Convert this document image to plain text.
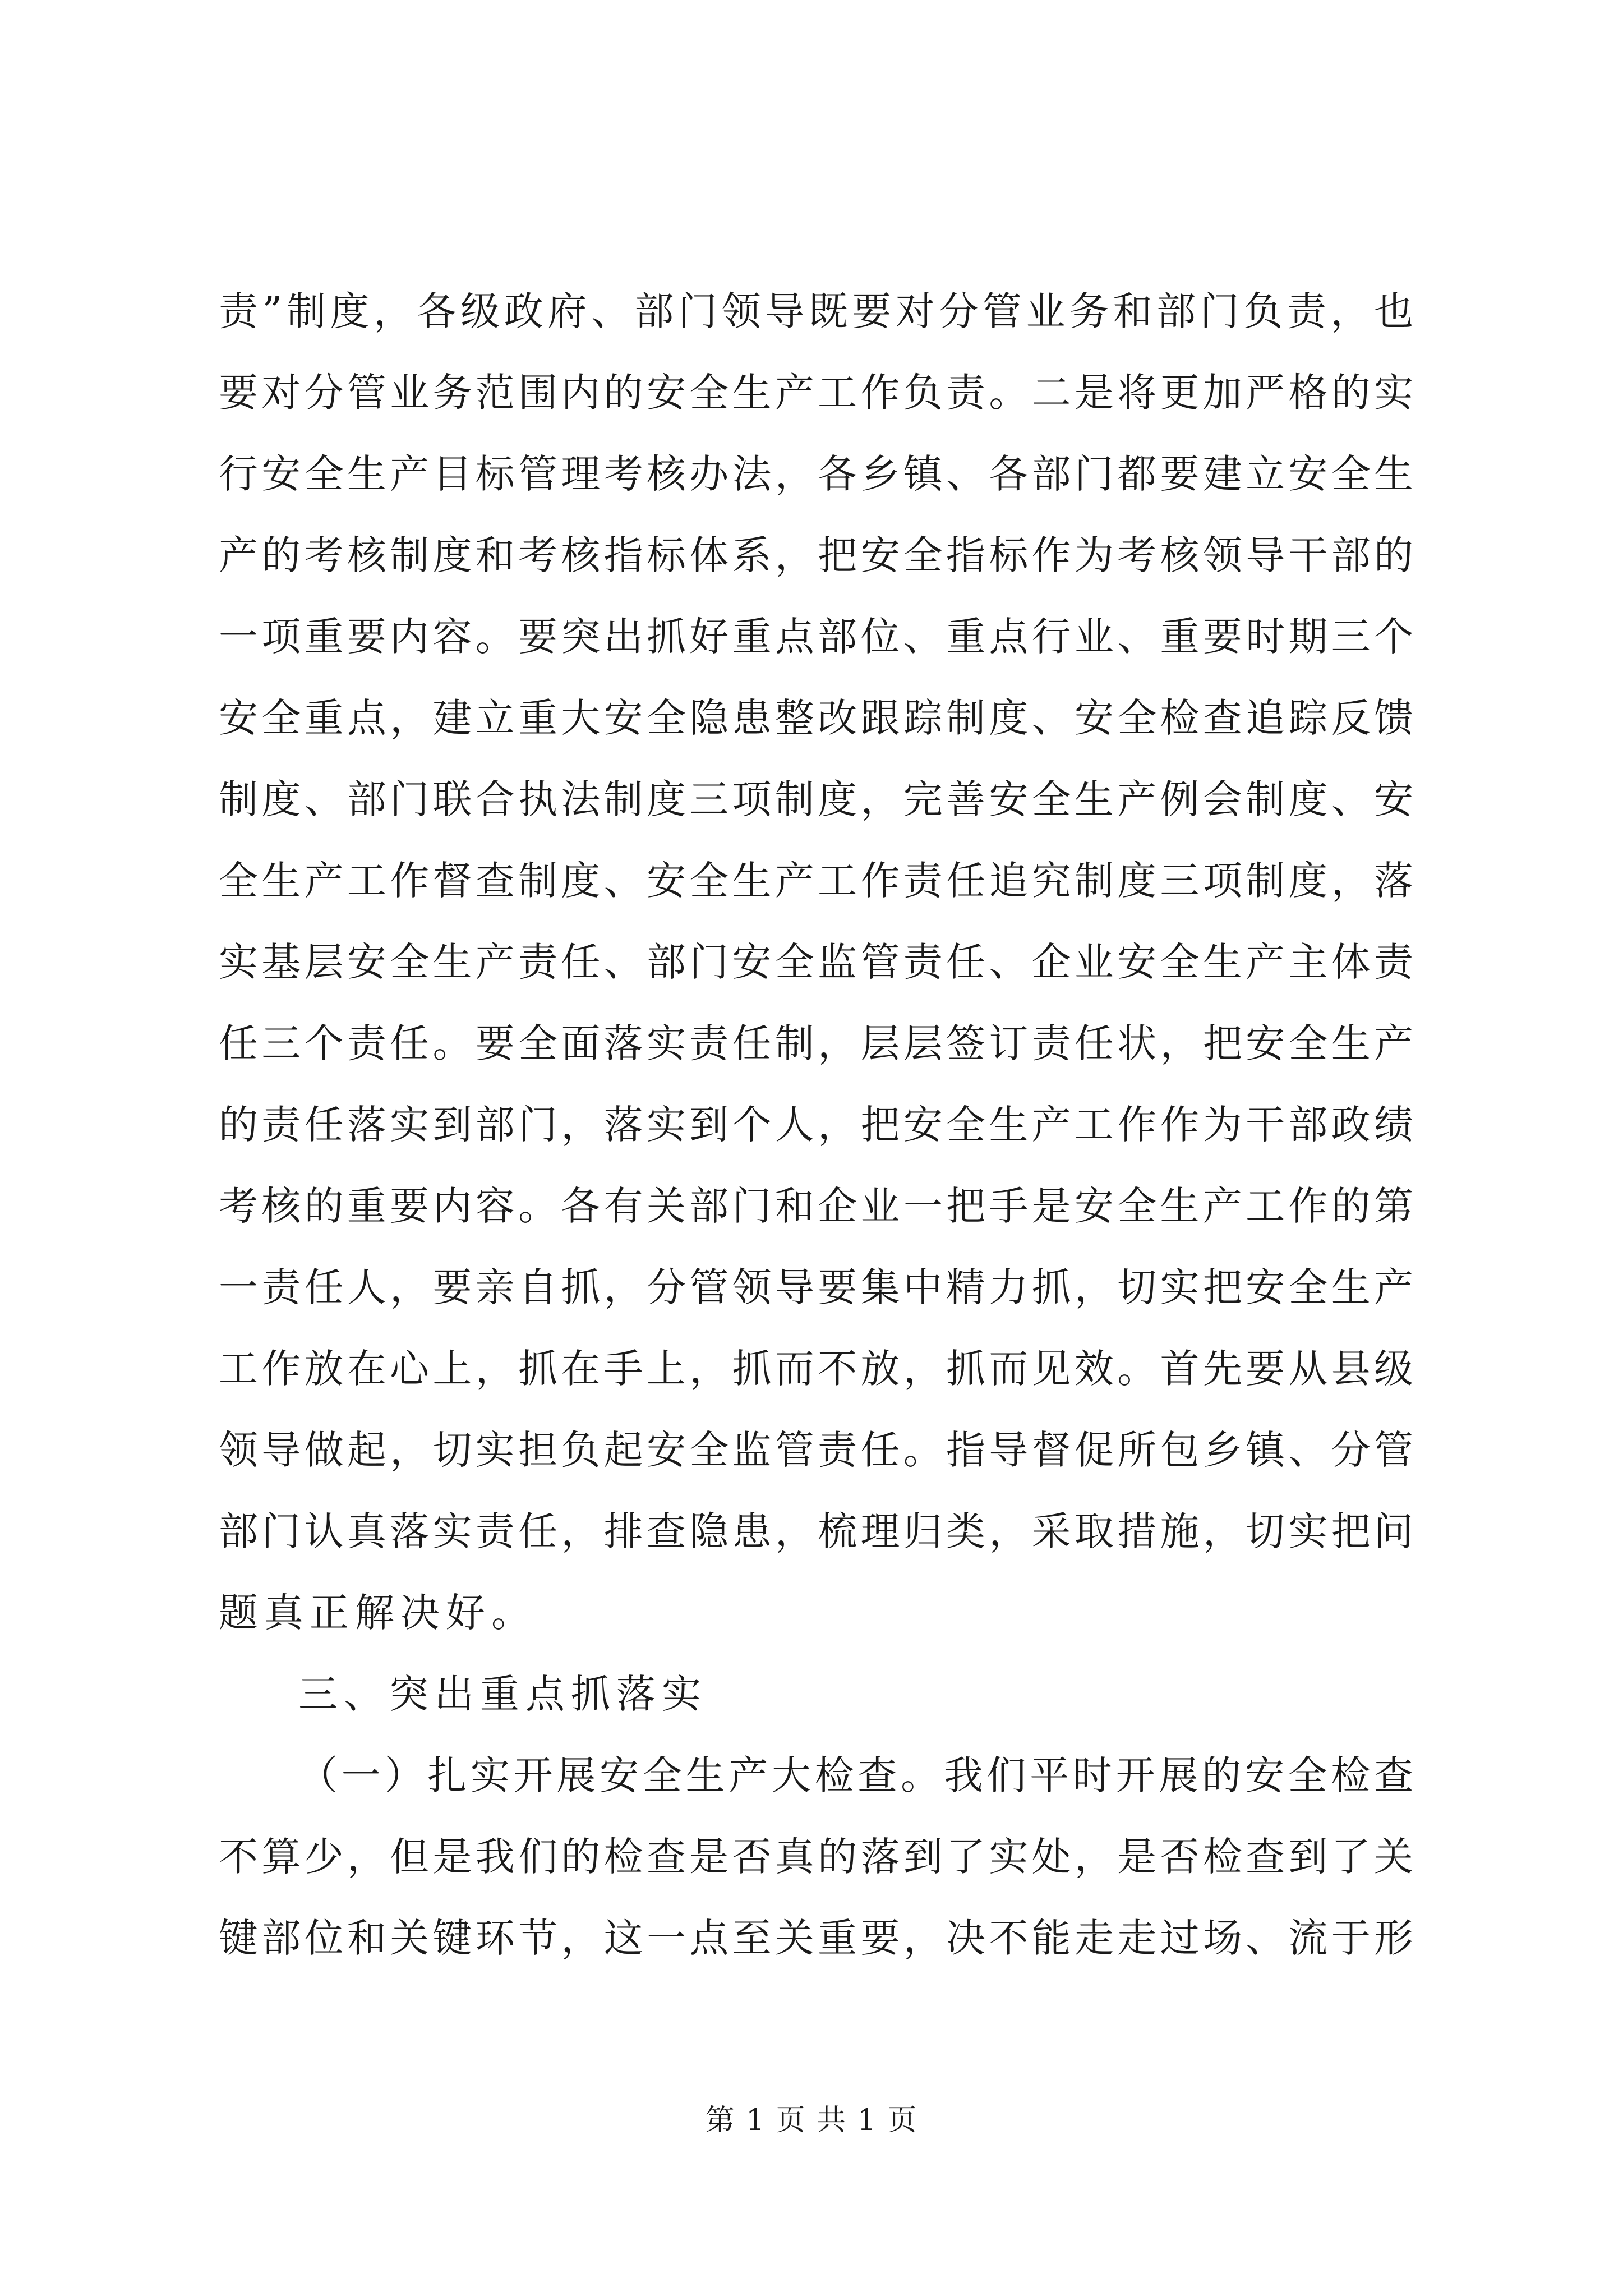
责”制度，各级政府、部门领导既要对分管业务和部门负责，也
要对分管业务范围内的安全生产工作负责。二是将更加严格的实
行安全生产目标管理考核办法，各乡镇、各部门都要建立安全生
产的考核制度和考核指标体系，把安全指标作为考核领导干部的
一项重要内容。要突出抓好重点部位、重点行业、重要时期三个
安全重点，建立重大安全隐患整改跟踪制度、安全检查追踪反馈
制度、部门联合执法制度三项制度，完善安全生产例会制度、安
全生产工作督查制度、安全生产工作责任追究制度三项制度，落
实基层安全生产责任、部门安全监管责任、企业安全生产主体责
任三个责任。要全面落实责任制，层层签订责任状，把安全生产
的责任落实到部门，落实到个人，把安全生产工作作为干部政绩
考核的重要内容。各有关部门和企业一把手是安全生产工作的第
一责任人，要亲自抓，分管领导要集中精力抓，切实把安全生产
工作放在心上，抓在手上，抓而不放，抓而见效。首先要从县级
领导做起，切实担负起安全监管责任。指导督促所包乡镇、分管
部门认真落实责任，排查隐患，梳理归类，采取措施，切实把问
题真正解决好。
三、突出重点抓落实
（一）扎实开展安全生产大检查。我们平时开展的安全检查
不算少，但是我们的检查是否真的落到了实处，是否检查到了关
键部位和关键环节，这一点至关重要，决不能走走过场、流于形
第 1 页 共 1 页
